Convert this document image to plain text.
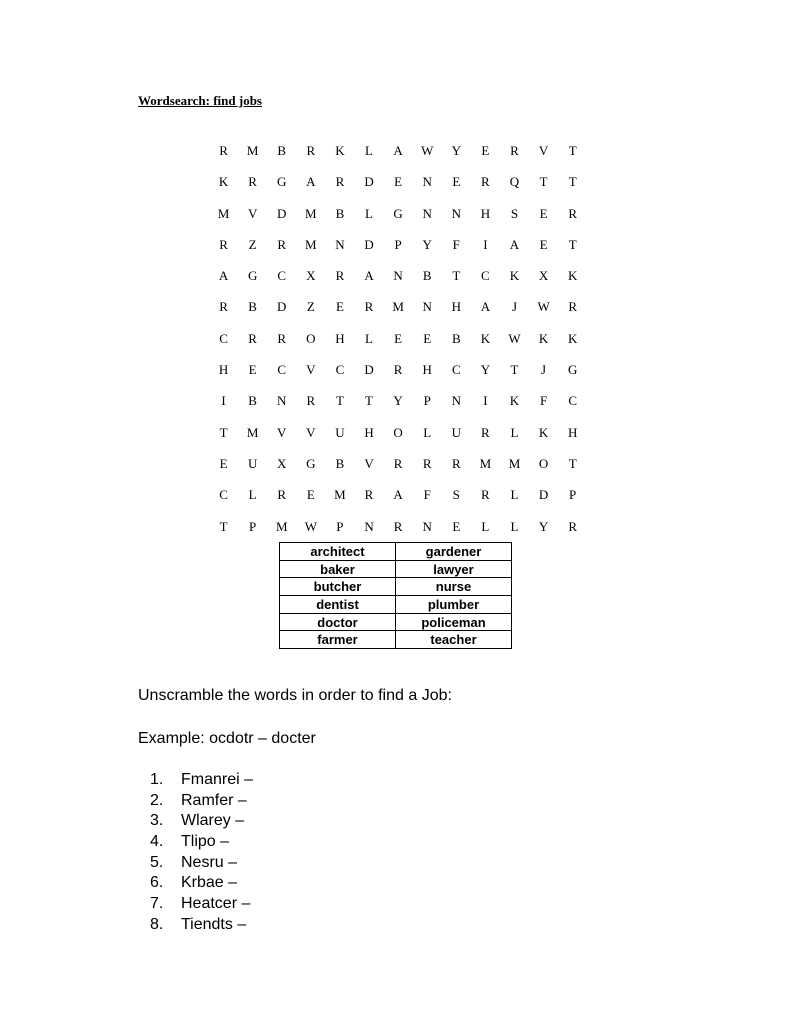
Wordsearch: find jobs
R	M	B	R	K	L	A	W	Y	E	R	V	T
K	R	G	A	R	D	E	N	E	R	Q	T	T
M	V	D	M	B	L	G	N	N	H	S	E	R
R	Z	R	M	N	D	P	Y	F	I	A	E	T
A	G	C	X	R	A	N	B	T	C	K	X	K
R	B	D	Z	E	R	M	N	H	A	J	W	R
C	R	R	O	H	L	E	E	B	K	W	K	K
H	E	C	V	C	D	R	H	C	Y	T	J	G
I	B	N	R	T	T	Y	P	N	I	K	F	C
T	M	V	V	U	H	O	L	U	R	L	K	H
E	U	X	G	B	V	R	R	R	M	M	O	T
C	L	R	E	M	R	A	F	S	R	L	D	P
T	P	M	W	P	N	R	N	E	L	L	Y	R
architect	gardener
baker	lawyer
butcher	nurse
dentist	plumber
doctor	policeman
farmer	teacher
Unscramble the words in order to find a Job:
Example: ocdotr – docter
1.	Fmanrei –
2.	Ramfer –
3.	Wlarey –
4.	Tlipo –
5.	Nesru –
6.	Krbae –
7.	Heatcer –
8.	Tiendts –
